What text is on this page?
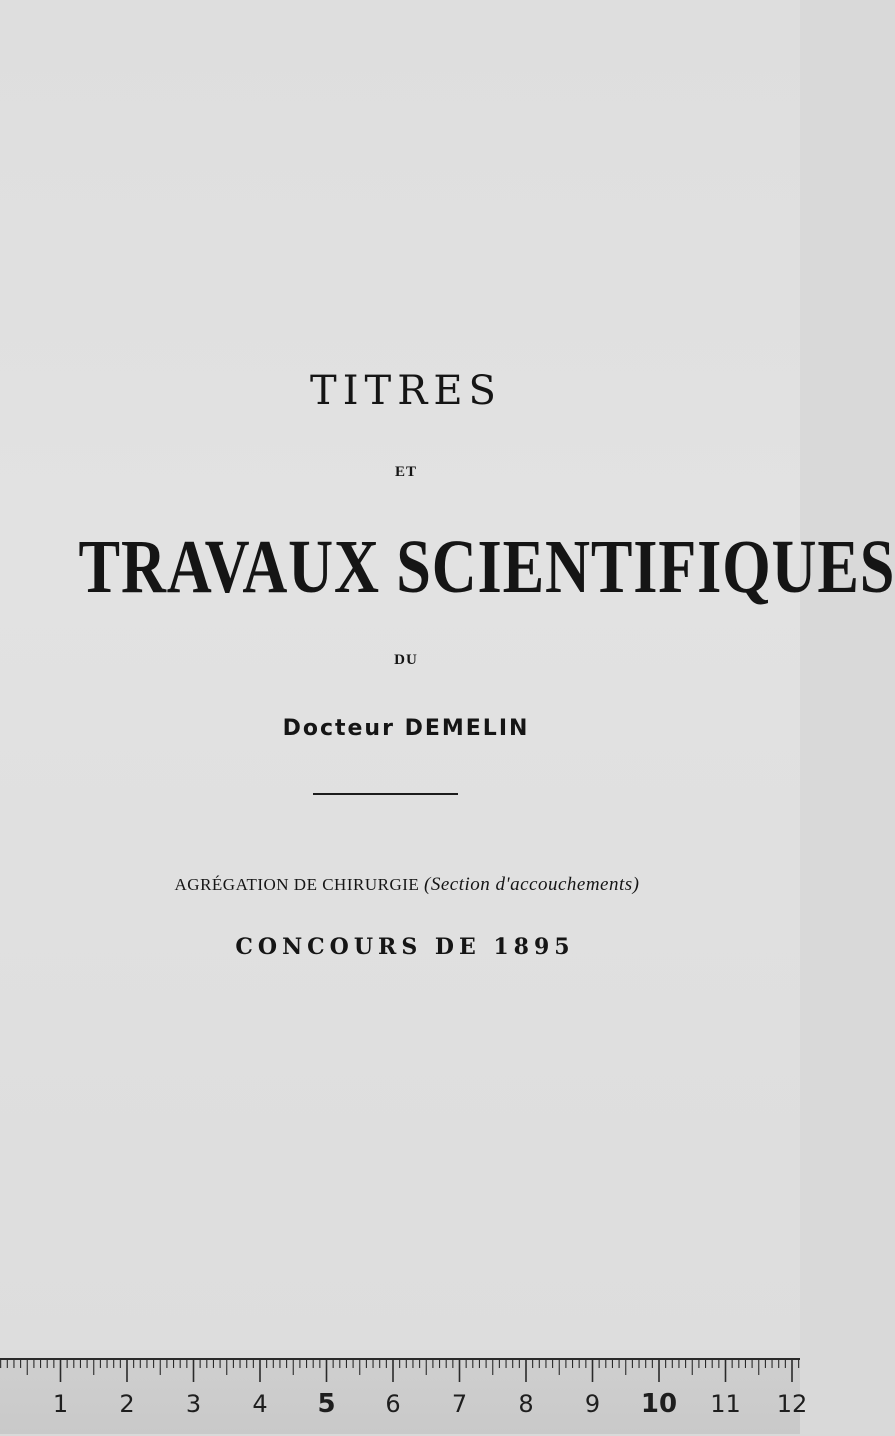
TITRES
ET
TRAVAUX SCIENTIFIQUES
DU
Docteur DEMELIN
AGRÉGATION DE CHIRURGIE (Section d'accouchements)
CONCOURS DE 1895
1 2 3 4 5 6 7 8 9 10 11 12
